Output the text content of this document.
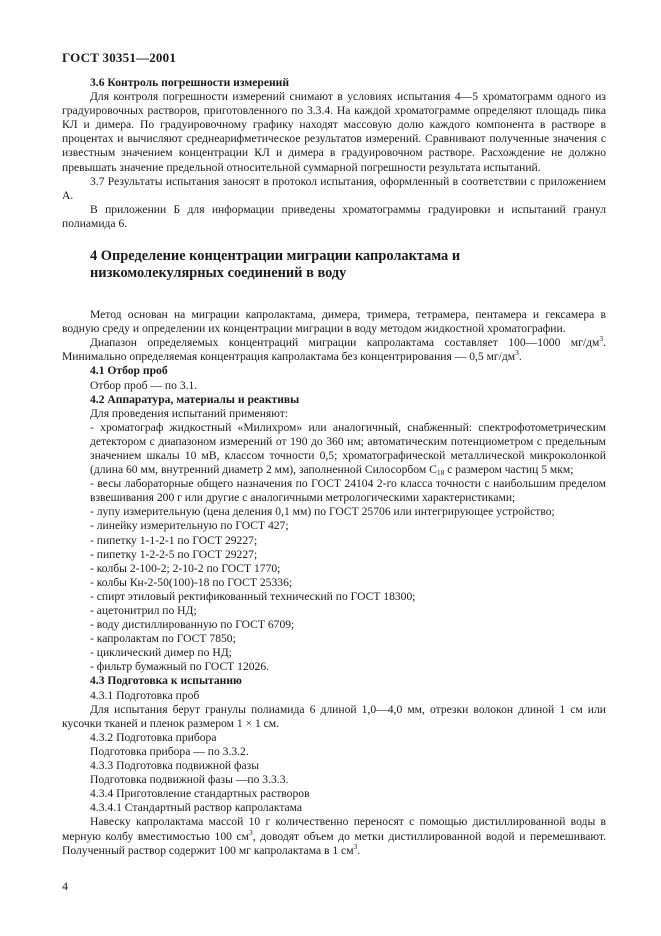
ГОСТ 30351—2001

3.6 Контроль погрешности измерений

Для контроля погрешности измерений снимают в условиях испытания 4—5 хроматограмм одного из градуировочных растворов, приготовленного по 3.3.4. На каждой хроматограмме определяют площадь пика КЛ и димера. По градуировочному графику находят массовую долю каждого компонента в растворе в процентах и вычисляют среднеарифметическое результатов измерений. Сравнивают полученные значения с известным значением концентрации КЛ и димера в градуировочном растворе. Расхождение не должно превышать значение предельной относительной суммарной погрешности результата испытаний.

3.7 Результаты испытания заносят в протокол испытания, оформленный в соответствии с приложением А.

В приложении Б для информации приведены хроматограммы градуировки и испытаний гранул полиамида 6.

4 Определение концентрации миграции капролактама и низкомолекулярных соединений в воду

Метод основан на миграции капролактама, димера, тримера, тетрамера, пентамера и гексамера в водную среду и определении их концентрации миграции в воду методом жидкостной хроматографии.

Диапазон определяемых концентраций миграции капролактама составляет 100—1000 $мг/дм^3$. Минимально определяемая концентрация капролактама без концентрирования — 0,5 $мг/дм^3$.

4.1 Отбор проб

Отбор проб — по 3.1.

4.2 Аппаратура, материалы и реактивы

Для проведения испытаний применяют:

- хроматограф жидкостный «Милихром» или аналогичный, снабженный: спектрофотометрическим детектором с диапазоном измерений от 190 до 360 нм; автоматическим потенциометром с предельным значением шкалы 10 мВ, классом точности 0,5; хроматографической металлической микроколонкой (длина 60 мм, внутренний диаметр 2 мм), заполненной Силосорбом $С_{18}$ с размером частиц 5 мкм;

- весы лабораторные общего назначения по ГОСТ 24104 2-го класса точности с наибольшим пределом взвешивания 200 г или другие с аналогичными метрологическими характеристиками;

- лупу измерительную (цена деления 0,1 мм) по ГОСТ 25706 или интегрирующее устройство;

- линейку измерительную по ГОСТ 427;

- пипетку 1-1-2-1 по ГОСТ 29227;

- пипетку 1-2-2-5 по ГОСТ 29227;

- колбы 2-100-2; 2-10-2 по ГОСТ 1770;

- колбы Кн-2-50(100)-18 по ГОСТ 25336;

- спирт этиловый ректификованный технический по ГОСТ 18300;

- ацетонитрил по НД;

- воду дистиллированную по ГОСТ 6709;

- капролактам по ГОСТ 7850;

- циклический димер по НД;

- фильтр бумажный по ГОСТ 12026.

4.3 Подготовка к испытанию

4.3.1 Подготовка проб

Для испытания берут гранулы полиамида 6 длиной 1,0—4,0 мм, отрезки волокон длиной 1 см или кусочки тканей и пленок размером 1 × 1 см.

4.3.2 Подготовка прибора

Подготовка прибора — по 3.3.2.

4.3.3 Подготовка подвижной фазы

Подготовка подвижной фазы —по 3.3.3.

4.3.4 Приготовление стандартных растворов

4.3.4.1 Стандартный раствор капролактама

Навеску капролактама массой 10 г количественно переносят с помощью дистиллированной воды в мерную колбу вместимостью 100 $см^3$, доводят объем до метки дистиллированной водой и перемешивают. Полученный раствор содержит 100 мг капролактама в 1 $см^3$.

4
